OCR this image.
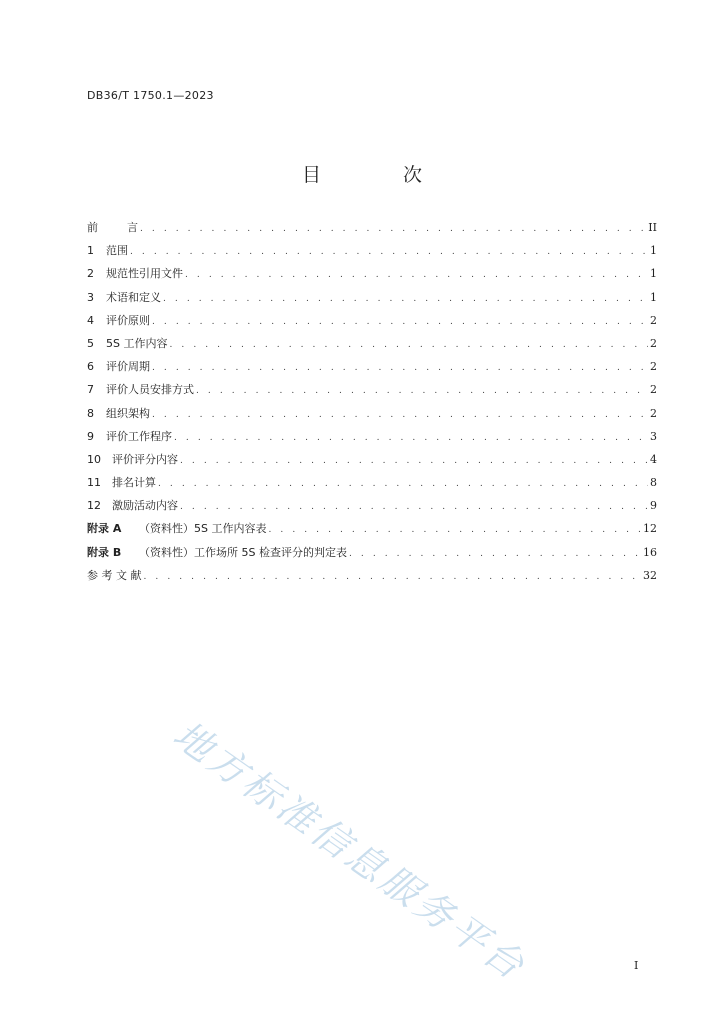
DB36/T 1750.1—2023
目 次
前	言 . . .	II
1	范围 . . .	1
2	规范性引用文件 . . .	1
3	术语和定义 . . .	1
4	评价原则 . . .	2
5	5S 工作内容 . . .	2
6	评价周期 . . .	2
7	评价人员安排方式 . . .	2
8	组织架构 . . .	2
9	评价工作程序 . . .	3
10	评价评分内容 . . .	4
11	排名计算 . . .	8
12	激励活动内容 . . .	9
附录 A	（资料性）5S 工作内容表 . . .	12
附录 B	（资料性）工作场所 5S 检查评分的判定表 . . .	16
参 考 文 献 . . .	32
地方标准信息服务平台	I
